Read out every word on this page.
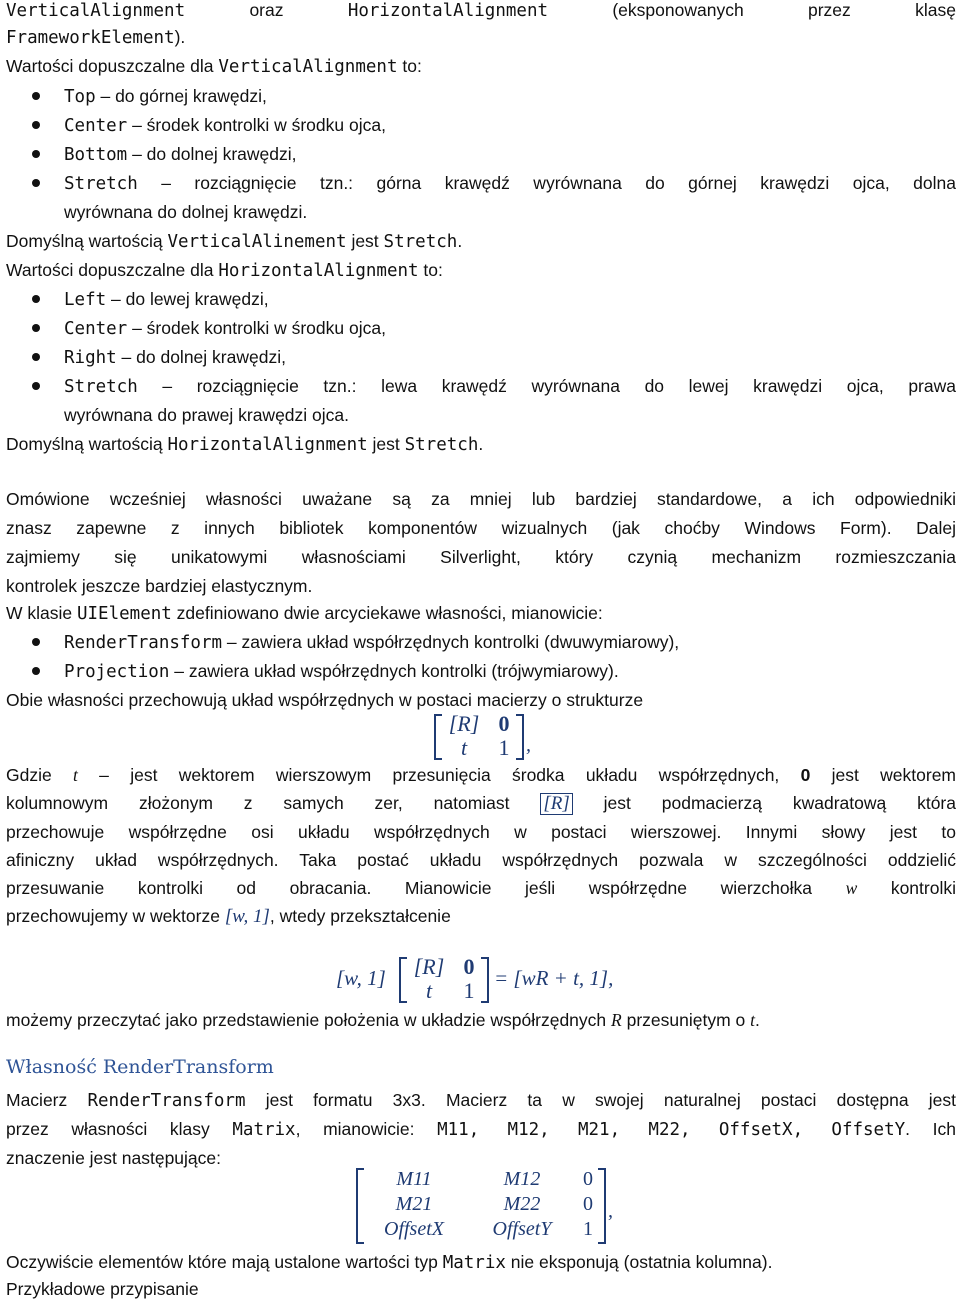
VerticalAlignment	oraz	HorizontalAlignment	(eksponowanych	przez	klasę
FrameworkElement).
Wartości dopuszczalne dla VerticalAlignment to:
Top – do górnej krawędzi,
Center – środek kontrolki w środku ojca,
Bottom – do dolnej krawędzi,
Stretch – rozciągnięcie tzn.: górna krawędź wyrównana do górnej krawędzi ojca, dolna
wyrównana do dolnej krawędzi.
Domyślną wartością VerticalAlinement jest Stretch.
Wartości dopuszczalne dla HorizontalAlignment to:
Left – do lewej krawędzi,
Center – środek kontrolki w środku ojca,
Right – do dolnej krawędzi,
Stretch – rozciągnięcie tzn.: lewa krawędź wyrównana do lewej krawędzi ojca, prawa
wyrównana do prawej krawędzi ojca.
Domyślną wartością HorizontalAlignment jest Stretch.
Omówione wcześniej własności uważane są za mniej lub bardziej standardowe, a ich odpowiedniki
znasz zapewne z innych bibliotek komponentów wizualnych (jak choćby Windows Form). Dalej
zajmiemy się unikatowymi własnościami Silverlight, który czynią mechanizm rozmieszczania
kontrolek jeszcze bardziej elastycznym.
W klasie UIElement zdefiniowano dwie arcyciekawe własności, mianowicie:
RenderTransform – zawiera układ współrzędnych kontrolki (dwuwymiarowy),
Projection – zawiera układ współrzędnych kontrolki (trójwymiarowy).
Obie własności przechowują układ współrzędnych w postaci macierzy o strukturze
[R] 0
t	1 ,
Gdzie t – jest wektorem wierszowym przesunięcia środka układu współrzędnych, 0 jest wektorem
kolumnowym złożonym z samych zer, natomiast [R] jest podmacierzą kwadratową która
przechowuje współrzędne osi układu współrzędnych w postaci wierszowej. Innymi słowy jest to
afiniczny układ współrzędnych. Taka postać układu współrzędnych pozwala w szczególności oddzielić
przesuwanie kontrolki od obracania. Mianowicie jeśli współrzędne wierzchołka w kontrolki
przechowujemy w wektorze [w, 1], wtedy przekształcenie
[w, 1] [R] 0
t	1 = [wR + t, 1],
możemy przeczytać jako przedstawienie położenia w układzie współrzędnych R przesuniętym o t.
Własność RenderTransform
Macierz RenderTransform jest formatu 3x3. Macierz ta w swojej naturalnej postaci dostępna jest
przez własności klasy Matrix, mianowicie: M11, M12, M21, M22, OffsetX, OffsetY. Ich
znaczenie jest następujące:
M11	M12	0
M21	M22	0
OffsetX	OffsetY	1
,
Oczywiście elementów które mają ustalone wartości typ Matrix nie eksponują (ostatnia kolumna).
Przykładowe przypisanie
